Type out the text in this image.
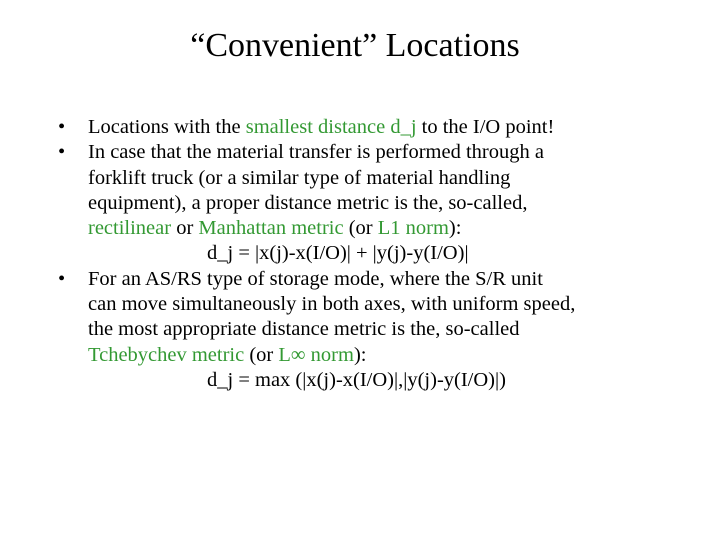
“Convenient” Locations
•	Locations with the smallest distance d_j to the I/O point!
•	In case that the material transfer is performed through a
forklift truck (or a similar type of material handling
equipment), a proper distance metric is the, so-called,
rectilinear or Manhattan metric (or L1 norm):
d_j = |x(j)-x(I/O)| + |y(j)-y(I/O)|
•	For an AS/RS type of storage mode, where the S/R unit
can move simultaneously in both axes, with uniform speed,
the most appropriate distance metric is the, so-called
Tchebychev metric (or L∞ norm):
d_j = max (|x(j)-x(I/O)|,|y(j)-y(I/O)|)
